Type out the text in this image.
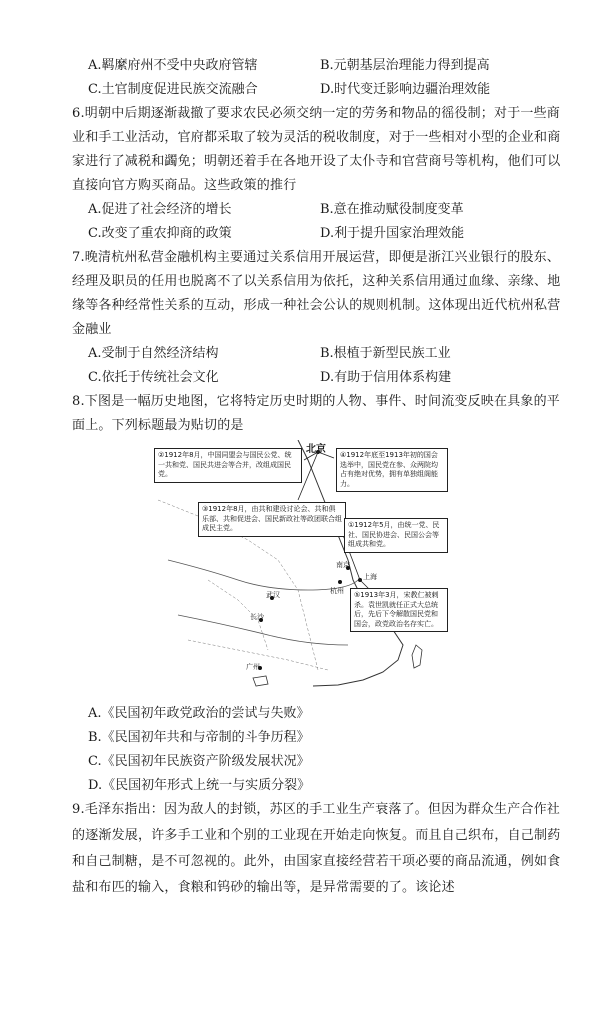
A.羁縻府州不受中央政府管辖	B.元朝基层治理能力得到提高
C.土官制度促进民族交流融合	D.时代变迁影响边疆治理效能
6.明朝中后期逐渐裁撤了要求农民必须交纳一定的劳务和物品的徭役制；对于一些商
业和手工业活动，官府都采取了较为灵活的税收制度，对于一些相对小型的企业和商
家进行了减税和蠲免；明朝还着手在各地开设了太仆寺和官营商号等机构，他们可以
直接向官方购买商品。这些政策的推行
A.促进了社会经济的增长	B.意在推动赋役制度变革
C.改变了重农抑商的政策	D.利于提升国家治理效能
7.晚清杭州私营金融机构主要通过关系信用开展运营，即便是浙江兴业银行的股东、
经理及职员的任用也脱离不了以关系信用为依托，这种关系信用通过血缘、亲缘、地
缘等各种经常性关系的互动，形成一种社会公认的规则机制。这体现出近代杭州私营
金融业
A.受制于自然经济结构	B.根植于新型民族工业
C.依托于传统社会文化	D.有助于信用体系构建
8.下图是一幅历史地图，它将特定历史时期的人物、事件、时间流变反映在具象的平
面上。下列标题最为贴切的是
北京
上海
广州
武汉
长沙
杭州
南京
②1912年8月，中国同盟会与国民公党、统一共和党、国民共进会等合并，改组成国民党。
④1912年底至1913年初的国会选举中，国民党在参、众两院均占有绝对优势，拥有单独组阁能力。
③1912年8月，由共和建设讨论会、共和俱乐部、共和促进会、国民新政社等政团联合组成民主党。	①1912年5月，由统一党、民社、国民协进会、民国公会等组成共和党。
⑤1913年3月，宋教仁被刺杀。袁世凯就任正式大总统后，先后下令解散国民党和国会，政党政治名存实亡。
A.《民国初年政党政治的尝试与失败》
B.《民国初年共和与帝制的斗争历程》
C.《民国初年民族资产阶级发展状况》
D.《民国初年形式上统一与实质分裂》
9.毛泽东指出：因为敌人的封锁，苏区的手工业生产衰落了。但因为群众生产合作社
的逐渐发展，许多手工业和个别的工业现在开始走向恢复。而且自己织布，自己制药
和自己制糖，是不可忽视的。此外，由国家直接经营若干项必要的商品流通，例如食
盐和布匹的输入，食粮和钨砂的输出等，是异常需要的了。该论述
